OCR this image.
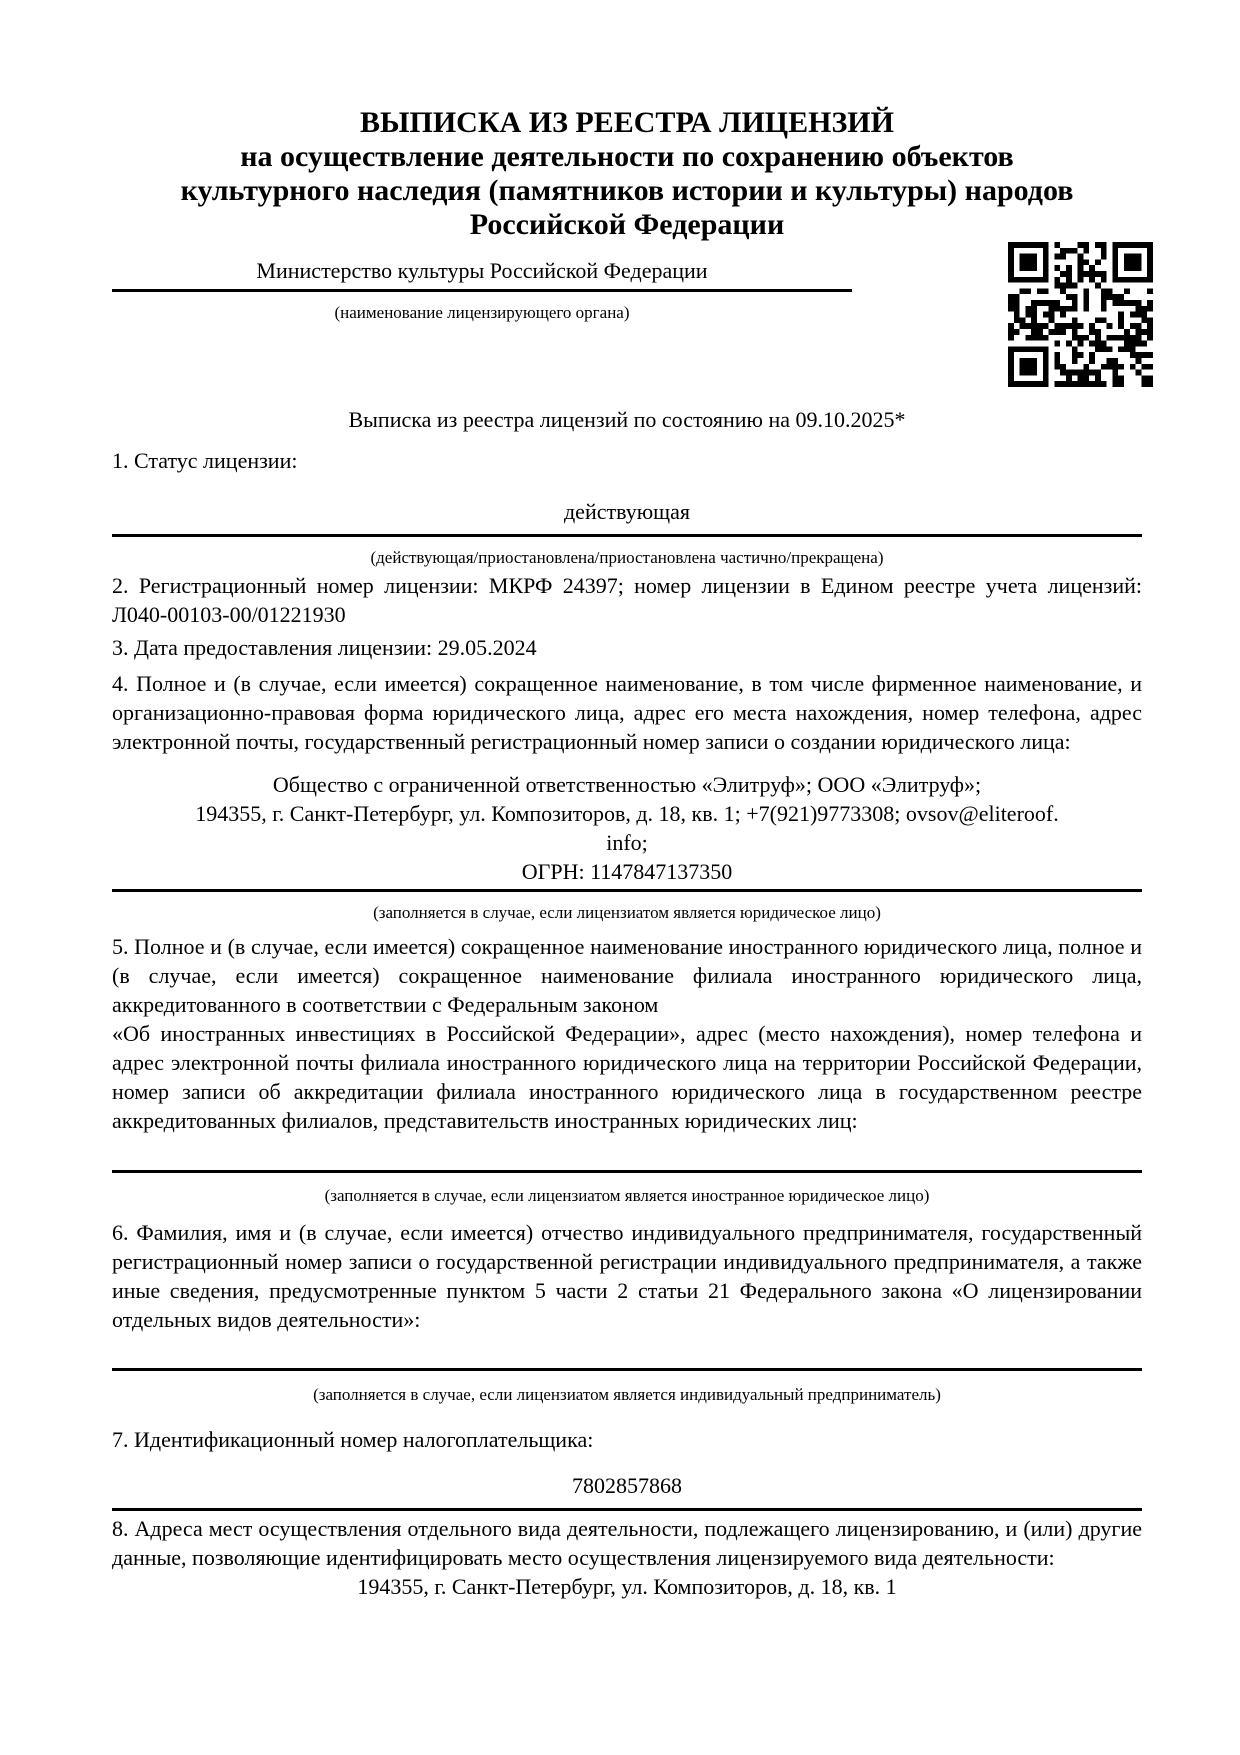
ВЫПИСКА ИЗ РЕЕСТРА ЛИЦЕНЗИЙ
на осуществление деятельности по сохранению объектов
культурного наследия (памятников истории и культуры) народов
Российской Федерации
Министерство культуры Российской Федерации
(наименование лицензирующего органа)
Выписка из реестра лицензий по состоянию на 09.10.2025*
1. Статус лицензии:
действующая
(действующая/приостановлена/приостановлена частично/прекращена)
2. Регистрационный номер лицензии: МКРФ 24397; номер лицензии в Едином реестре учета лицензий: Л040-00103-00/01221930
3. Дата предоставления лицензии: 29.05.2024
4. Полное и (в случае, если имеется) сокращенное наименование, в том числе фирменное наименование, и организационно-правовая форма юридического лица, адрес его места нахождения, номер телефона, адрес электронной почты, государственный регистрационный номер записи о создании юридического лица:
Общество с ограниченной ответственностью «Элитруф»; ООО «Элитруф»;
194355, г. Санкт-Петербург, ул. Композиторов, д. 18, кв. 1; +7(921)9773308; ovsov@eliteroof.
info;
ОГРН: 1147847137350
(заполняется в случае, если лицензиатом является юридическое лицо)
5. Полное и (в случае, если имеется) сокращенное наименование иностранного юридического лица, полное и (в случае, если имеется) сокращенное наименование филиала иностранного юридического лица, аккредитованного в соответствии с Федеральным законом
«Об иностранных инвестициях в Российской Федерации», адрес (место нахождения), номер телефона и адрес электронной почты филиала иностранного юридического лица на территории Российской Федерации, номер записи об аккредитации филиала иностранного юридического лица в государственном реестре аккредитованных филиалов, представительств иностранных юридических лиц:
(заполняется в случае, если лицензиатом является иностранное юридическое лицо)
6. Фамилия, имя и (в случае, если имеется) отчество индивидуального предпринимателя, государственный регистрационный номер записи о государственной регистрации индивидуального предпринимателя, а также иные сведения, предусмотренные пунктом 5 части 2 статьи 21 Федерального закона «О лицензировании отдельных видов деятельности»:
(заполняется в случае, если лицензиатом является индивидуальный предприниматель)
7. Идентификационный номер налогоплательщика:
7802857868
8. Адреса мест осуществления отдельного вида деятельности, подлежащего лицензированию, и (или) другие данные, позволяющие идентифицировать место осуществления лицензируемого вида деятельности:
194355, г. Санкт-Петербург, ул. Композиторов, д. 18, кв. 1
